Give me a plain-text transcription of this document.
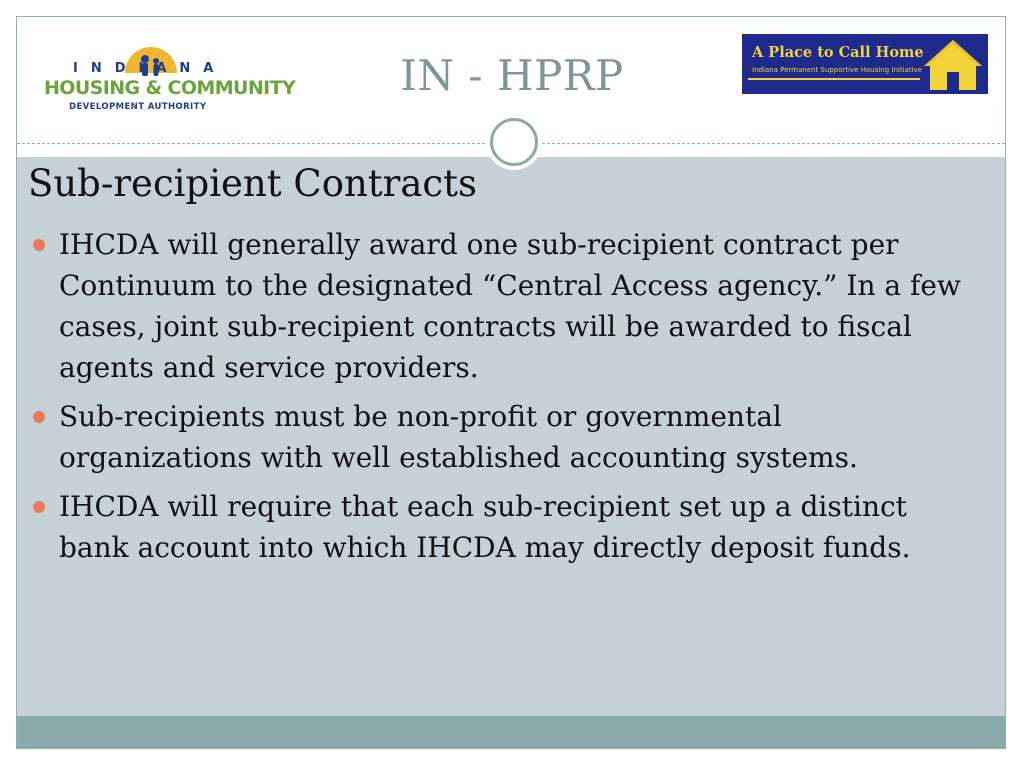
INDIANA
HOUSING & COMMUNITY
DEVELOPMENT AUTHORITY
IN - HPRP	A Place to Call Home
Indiana Permanent Supportive Housing Initiative
Sub-recipient Contracts
IHCDA will generally award one sub-recipient contract per Continuum to the designated “Central Access agency.” In a few cases, joint sub-recipient contracts will be awarded to fiscal agents and service providers.
Sub-recipients must be non-profit or governmental organizations with well established accounting systems.
IHCDA will require that each sub-recipient set up a distinct bank account into which IHCDA may directly deposit funds.
